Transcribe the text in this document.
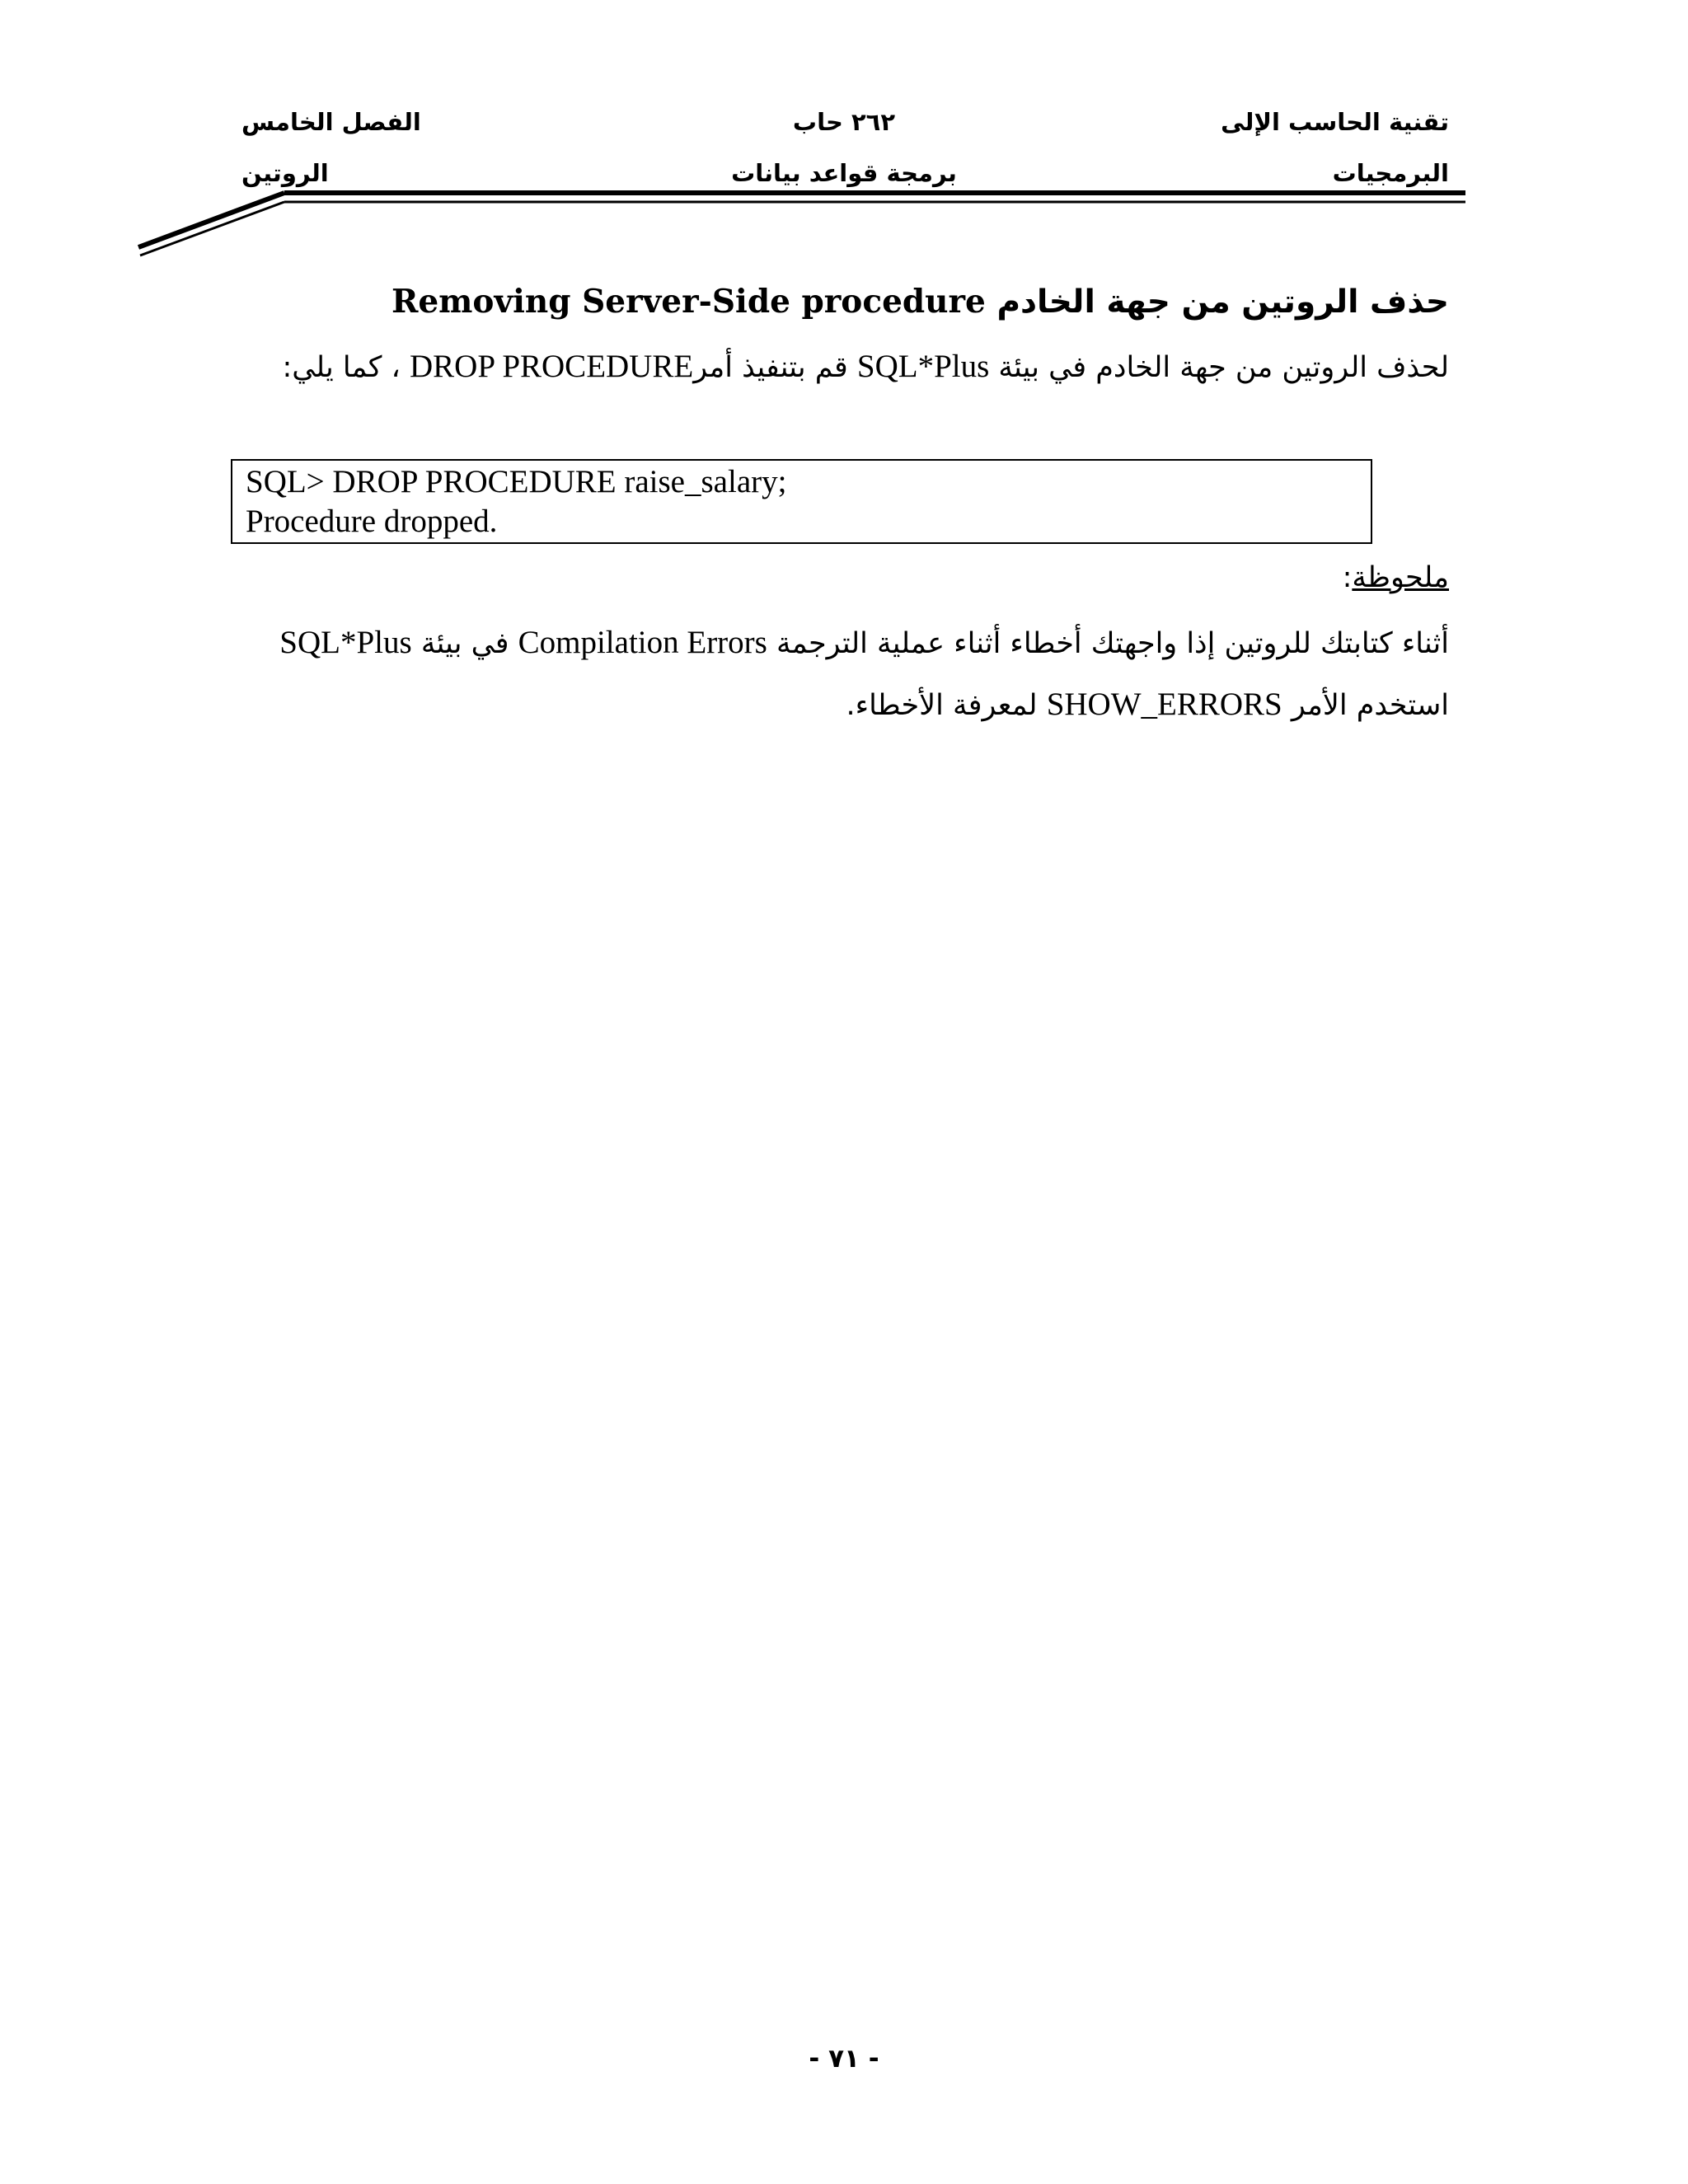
تقنية الحاسب الإلى
٢٦٢ حاب
الفصل الخامس
البرمجيات
برمجة قواعد بيانات
الروتين
حذف الروتين من جهة الخادم Removing Server-Side procedure
لحذف الروتين من جهة الخادم في بيئة SQL*Plus قم بتنفيذ أمرDROP PROCEDURE ، كما يلي:
SQL> DROP PROCEDURE raise_salary;
Procedure dropped.
ملحوظة:
أثناء كتابتك للروتين إذا واجهتك أخطاء أثناء عملية الترجمة Compilation Errors في بيئة SQL*Plus
استخدم الأمر SHOW_ERRORS لمعرفة الأخطاء.
- ٧١ -
